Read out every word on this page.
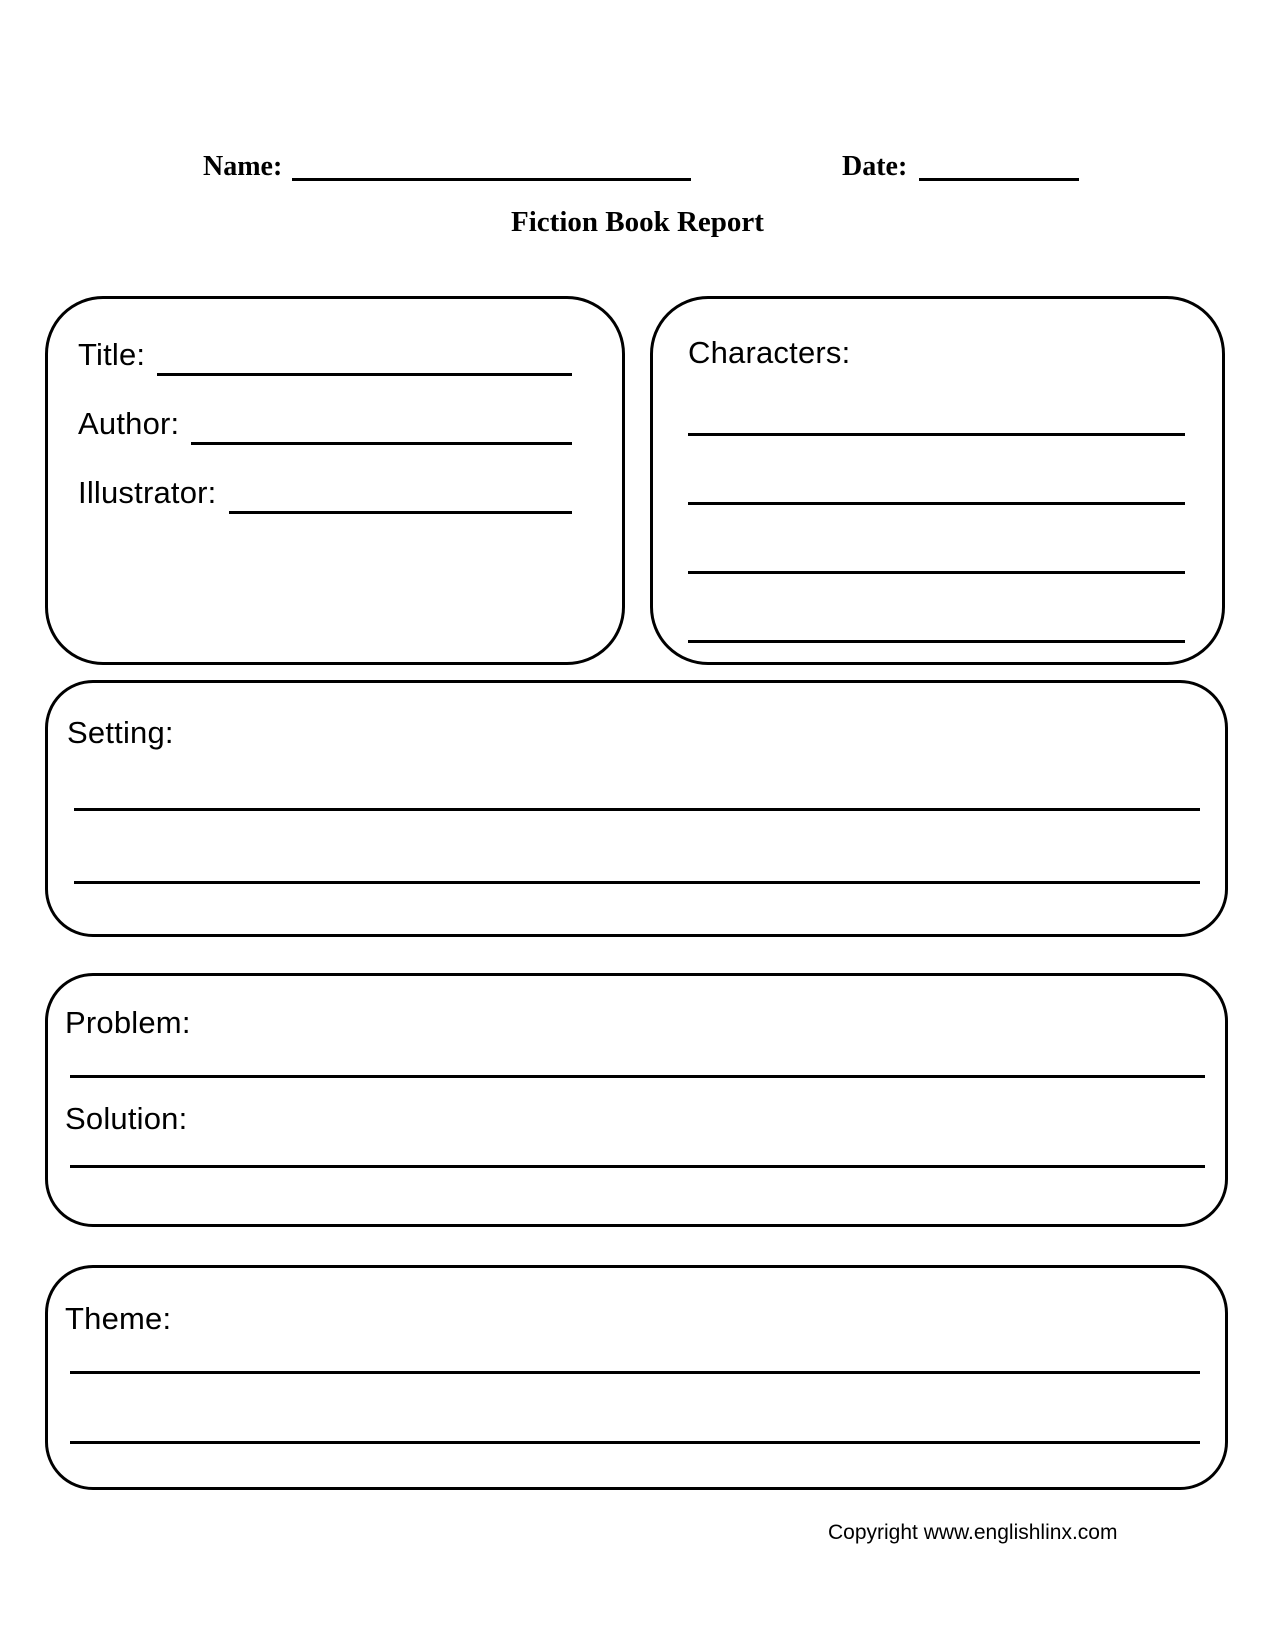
Name:	Date:
Fiction Book Report
Title:
Author:
Illustrator:
Characters:
Setting:
Problem:
Solution:
Theme:
Copyright www.englishlinx.com
